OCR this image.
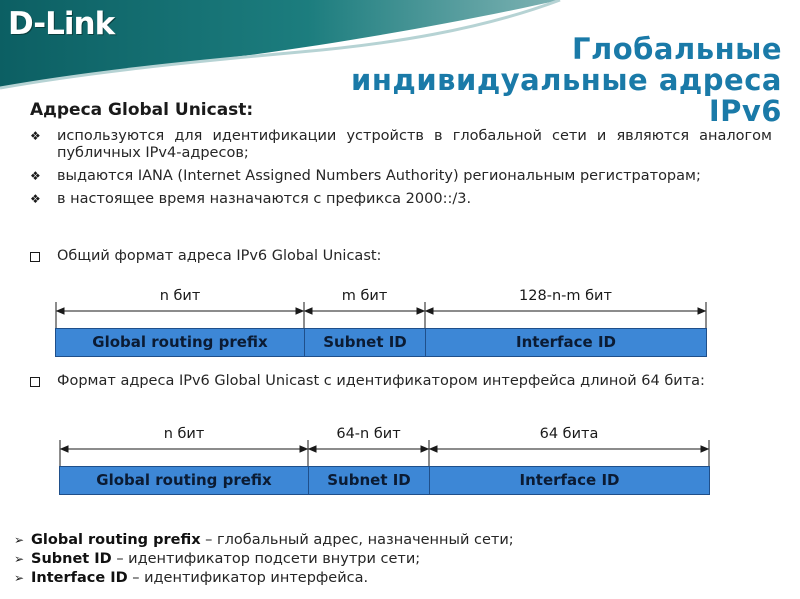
D-Link
Глобальные
индивидуальные адреса
IPv6
Адреса Global Unicast:
❖ используются для идентификации устройств в глобальной сети и являются аналогом публичных IPv4-адресов;
❖ выдаются IANA (Internet Assigned Numbers Authority) региональным регистраторам;
❖ в настоящее время назначаются с префикса 2000::/3.
Общий формат адреса IPv6 Global Unicast:
n бит	m бит	128-n-m бит
Global routing prefix	Subnet ID	Interface ID
Формат адреса IPv6 Global Unicast с идентификатором интерфейса длиной 64 бита:
n бит	64-n бит	64 бита
Global routing prefix	Subnet ID	Interface ID
➢ Global routing prefix – глобальный адрес, назначенный сети;
➢ Subnet ID – идентификатор подсети внутри сети;
➢ Interface ID – идентификатор интерфейса.
